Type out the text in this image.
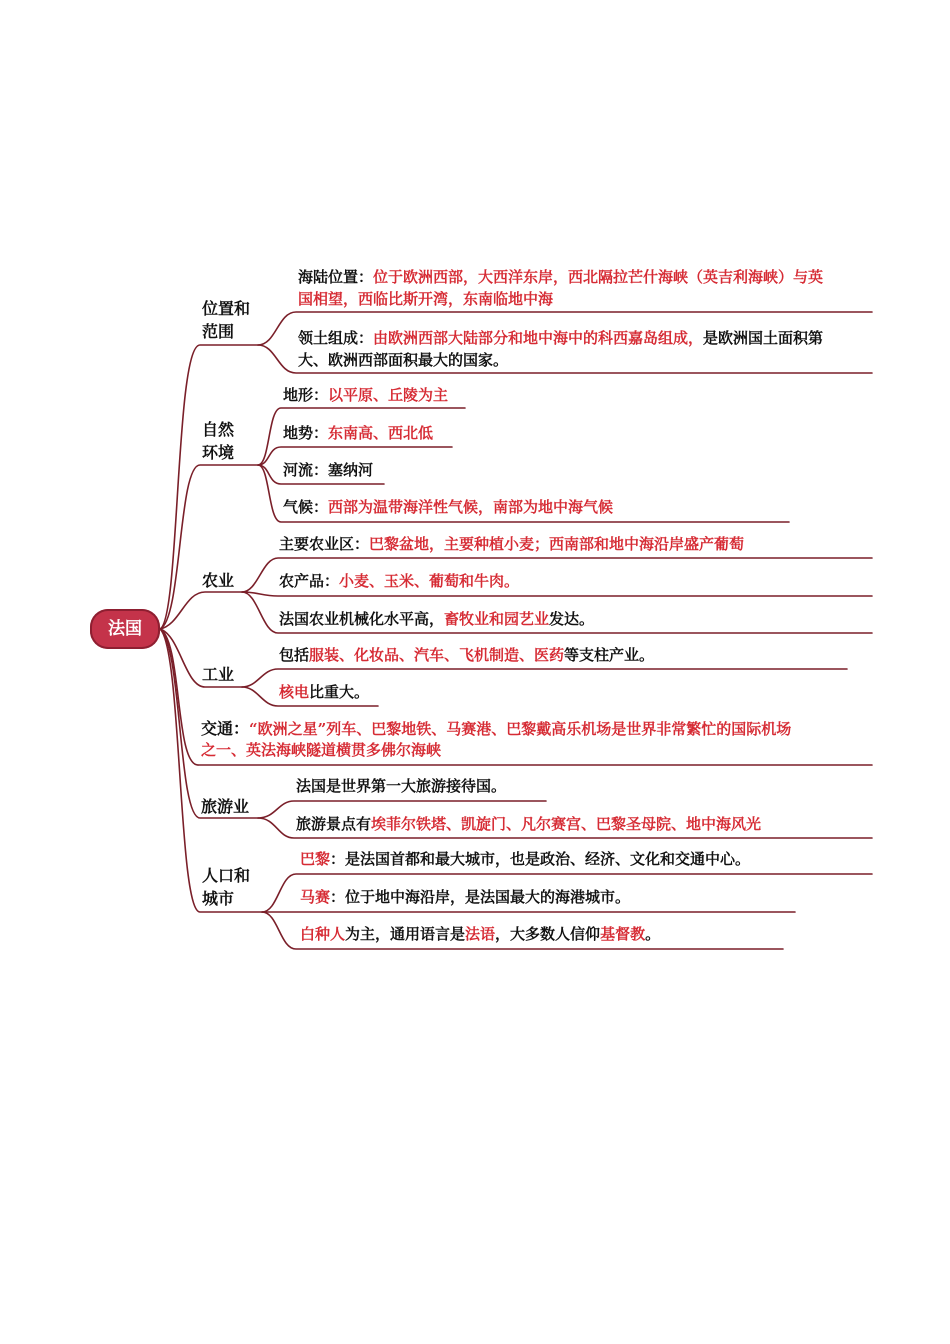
法国
位置和
范围
自然
环境
农业
工业
旅游业
人口和
城市
海陆位置：位于欧洲西部，大西洋东岸，西北隔拉芒什海峡（英吉利海峡）与英
国相望，西临比斯开湾，东南临地中海
领土组成：由欧洲西部大陆部分和地中海中的科西嘉岛组成，是欧洲国土面积第
大、欧洲西部面积最大的国家。
地形：以平原、丘陵为主
地势：东南高、西北低
河流：塞纳河
气候：西部为温带海洋性气候，南部为地中海气候
主要农业区：巴黎盆地，主要种植小麦；西南部和地中海沿岸盛产葡萄
农产品：小麦、玉米、葡萄和牛肉。
法国农业机械化水平高，畜牧业和园艺业发达。
包括服装、化妆品、汽车、飞机制造、医药等支柱产业。
核电比重大。
交通：“欧洲之星”列车、巴黎地铁、马赛港、巴黎戴高乐机场是世界非常繁忙的国际机场
之一、英法海峡隧道横贯多佛尔海峡
法国是世界第一大旅游接待国。
旅游景点有埃菲尔铁塔、凯旋门、凡尔赛宫、巴黎圣母院、地中海风光
巴黎：是法国首都和最大城市，也是政治、经济、文化和交通中心。
马赛：位于地中海沿岸，是法国最大的海港城市。
白种人为主，通用语言是法语，大多数人信仰基督教。
